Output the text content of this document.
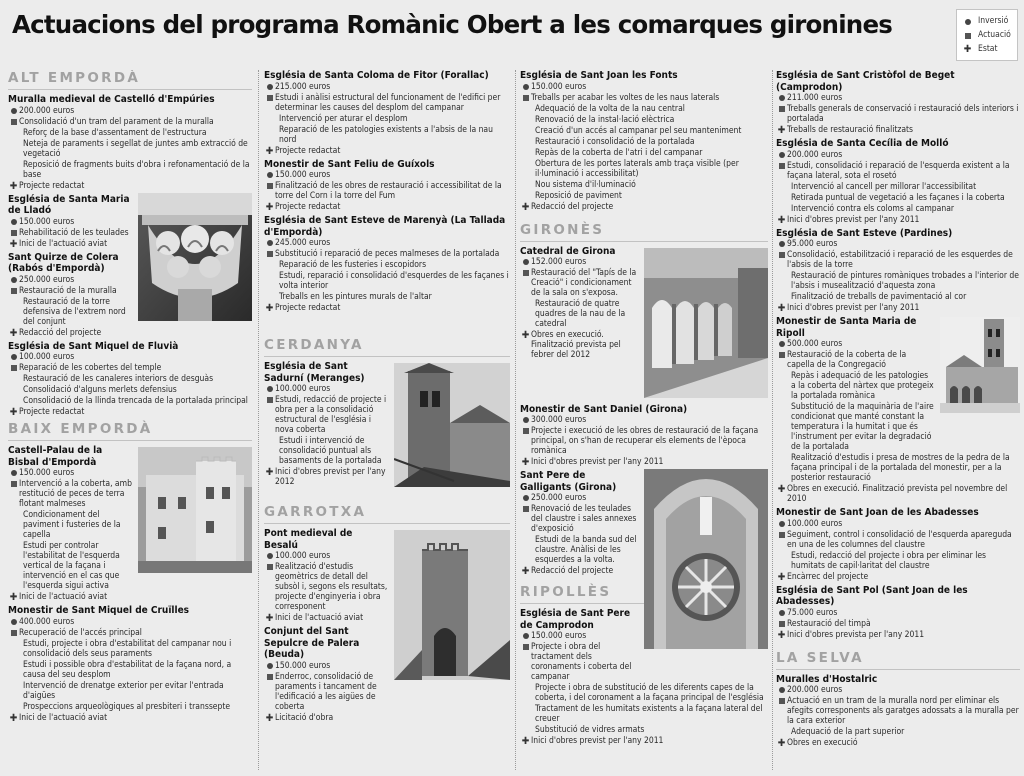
Actuacions del programa Romànic Obert a les comarques gironines	Inversió
Actuació
✚ Estat
ALT EMPORDÀ
Muralla medieval de Castelló d'Empúries
200.000 euros
Consolidació d'un tram del parament de la muralla
Reforç de la base d'assentament de l'estructura
Neteja de paraments i segellat de juntes amb extracció de vegetació
Reposició de fragments buits d'obra i refonamentació de la base
✚ Projecte redactat
Església de Santa Maria de Lladó
150.000 euros
Rehabilitació de les teulades
✚ Inici de l'actuació aviat
Sant Quirze de Colera (Rabós d'Empordà)
250.000 euros
Restauració de la muralla
Restauració de la torre defensiva de l'extrem nord del conjunt
✚ Redacció del projecte
Església de Sant Miquel de Fluvià
100.000 euros
Reparació de les cobertes del temple
Restauració de les canaleres interiors de desguàs
Consolidació d'alguns merlets defensius
Consolidació de la llinda trencada de la portalada principal
✚ Projecte redactat
BAIX EMPORDÀ
Castell-Palau de la Bisbal d'Empordà
150.000 euros
Intervenció a la coberta, amb restitució de peces de terra flotant malmeses
Condicionament del paviment i fusteries de la capella
Estudi per controlar l'estabilitat de l'esquerda vertical de la façana i intervenció en el cas que l'esquerda sigui activa
✚ Inici de l'actuació aviat
Monestir de Sant Miquel de Cruïlles
400.000 euros
Recuperació de l'accés principal
Estudi, projecte i obra d'estabilitat del campanar nou i consolidació dels seus paraments
Estudi i possible obra d'estabilitat de la façana nord, a causa del seu desplom
Intervenció de drenatge exterior per evitar l'entrada d'aigües
Prospeccions arqueològiques al presbiteri i transsepte
✚ Inici de l'actuació aviat
Església de Santa Coloma de Fitor (Forallac)
215.000 euros
Estudi i anàlisi estructural del funcionament de l'edifici per determinar les causes del desplom del campanar
Intervenció per aturar el desplom
Reparació de les patologies existents a l'absis de la nau nord
✚ Projecte redactat
Monestir de Sant Feliu de Guíxols
150.000 euros
Finalització de les obres de restauració i accessibilitat de la torre del Corn i la torre del Fum
✚ Projecte redactat
Església de Sant Esteve de Marenyà (La Tallada d'Empordà)
245.000 euros
Substitució i reparació de peces malmeses de la portalada
Reparació de les fusteries i escopidors
Estudi, reparació i consolidació d'esquerdes de les façanes i volta interior
Treballs en les pintures murals de l'altar
✚ Projecte redactat
CERDANYA
Església de Sant Sadurní (Meranges)
100.000 euros
Estudi, redacció de projecte i obra per a la consolidació estructural de l'església i nova coberta
Estudi i intervenció de consolidació puntual als basaments de la portalada
✚ Inici d'obres previst per l'any 2012
GARROTXA
Pont medieval de Besalú
100.000 euros
Realització d'estudis geomètrics de detall del subsòl i, segons els resultats, projecte d'enginyeria i obra corresponent
✚ Inici de l'actuació aviat
Conjunt del Sant Sepulcre de Palera (Beuda)
150.000 euros
Enderroc, consolidació de paraments i tancament de l'edificació a les aigües de coberta
✚ Licitació d'obra
Església de Sant Joan les Fonts
150.000 euros
Treballs per acabar les voltes de les naus laterals
Adequació de la volta de la nau central
Renovació de la instal·lació elèctrica
Creació d'un accés al campanar pel seu manteniment
Restauració i consolidació de la portalada
Repàs de la coberta de l'atri i del campanar
Obertura de les portes laterals amb traça visible (per il·luminació i accessibilitat)
Nou sistema d'il·luminació
Reposició de paviment
✚ Redacció del projecte
GIRONÈS
Catedral de Girona
152.000 euros
Restauració del "Tapís de la Creació" i condicionament de la sala on s'exposa.
Restauració de quatre quadres de la nau de la catedral
✚ Obres en execució. Finalització prevista pel febrer del 2012
Monestir de Sant Daniel (Girona)
300.000 euros
Projecte i execució de les obres de restauració de la façana principal, on s'han de recuperar els elements de l'època romànica
✚ Inici d'obres previst per l'any 2011
Sant Pere de Galligants (Girona)
250.000 euros
Renovació de les teulades del claustre i sales annexes d'exposició
Estudi de la banda sud del claustre. Anàlisi de les esquerdes a la volta.
✚ Redacció del projecte
RIPOLLÈS
Església de Sant Pere de Camprodon
150.000 euros
Projecte i obra del tractament dels coronaments i coberta del campanar
Projecte i obra de substitució de les diferents capes de la coberta, i del coronament a la façana principal de l'església
Tractament de les humitats existents a la façana lateral del creuer
Substitució de vidres armats
✚ Inici d'obres previst per l'any 2011
Església de Sant Cristòfol de Beget (Camprodon)
211.000 euros
Treballs generals de conservació i restauració dels interiors i portalada
✚ Treballs de restauració finalitzats
Església de Santa Cecília de Molló
200.000 euros
Estudi, consolidació i reparació de l'esquerda existent a la façana lateral, sota el rosetó
Intervenció al cancell per millorar l'accessibilitat
Retirada puntual de vegetació a les façanes i la coberta
Intervenció contra els coloms al campanar
✚ Inici d'obres previst per l'any 2011
Església de Sant Esteve (Pardines)
95.000 euros
Consolidació, estabilització i reparació de les esquerdes de l'absis de la torre
Restauració de pintures romàniques trobades a l'interior de l'absis i musealització d'aquesta zona
Finalització de treballs de pavimentació al cor
✚ Inici d'obres previst per l'any 2011
Monestir de Santa Maria de Ripoll
500.000 euros
Restauració de la coberta de la capella de la Congregació
Repàs i adequació de les patologies a la coberta del nàrtex que protegeix la portalada romànica
Substitució de la maquinària de l'aire condicionat que manté constant la temperatura i la humitat i que és l'instrument per evitar la degradació de la portalada
Realització d'estudis i presa de mostres de la pedra de la façana principal i de la portalada del monestir, per a la posterior restauració
✚ Obres en execució. Finalització prevista pel novembre del 2010
Monestir de Sant Joan de les Abadesses
100.000 euros
Seguiment, control i consolidació de l'esquerda apareguda en una de les columnes del claustre
Estudi, redacció del projecte i obra per eliminar les humitats de capil·laritat del claustre
✚ Encàrrec del projecte
Església de Sant Pol (Sant Joan de les Abadesses)
75.000 euros
Restauració del timpà
✚ Inici d'obres prevista per l'any 2011
LA SELVA
Muralles d'Hostalric
200.000 euros
Actuació en un tram de la muralla nord per eliminar els afegits corresponents als garatges adossats a la muralla per la cara exterior
Adequació de la part superior
✚ Obres en execució
